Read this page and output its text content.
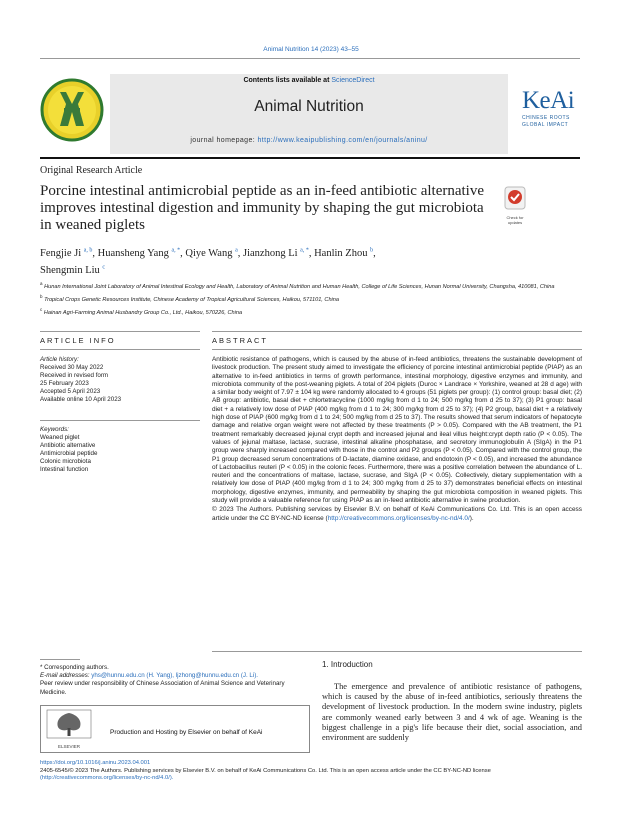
Animal Nutrition 14 (2023) 43–55
Contents lists available at ScienceDirect
Animal Nutrition
journal homepage: http://www.keaipublishing.com/en/journals/aninu/
KeAi
CHINESE ROOTS
GLOBAL IMPACT
Original Research Article
Porcine intestinal antimicrobial peptide as an in-feed antibiotic alternative improves intestinal digestion and immunity by shaping the gut microbiota in weaned piglets	Check for updates
Fengjie Ji $^{a, b}$, Huansheng Yang $^{a, *}$, Qiye Wang $^a$, Jianzhong Li $^{a, *}$, Hanlin Zhou $^b$,
Shengmin Liu $^c$
$^a$ Hunan International Joint Laboratory of Animal Intestinal Ecology and Health, Laboratory of Animal Nutrition and Human Health, College of Life Sciences, Hunan Normal University, Changsha, 410081, China
$^b$ Tropical Crops Genetic Resources Institute, Chinese Academy of Tropical Agricultural Sciences, Haikou, 571101, China
$^c$ Hainan Agri-Farming Animal Husbandry Group Co., Ltd., Haikou, 570226, China
ARTICLE INFO
Article history:
Received 30 May 2022
Received in revised form
25 February 2023
Accepted 5 April 2023
Available online 10 April 2023
Keywords:
Weaned piglet
Antibiotic alternative
Antimicrobial peptide
Colonic microbiota
Intestinal function
ABSTRACT

Antibiotic resistance of pathogens, which is caused by the abuse of in-feed antibiotics, threatens the sustainable development of livestock production. The present study aimed to investigate the efficiency of porcine intestinal antimicrobial peptide (PIAP) as an alternative to in-feed antibiotics in terms of growth performance, intestinal morphology, digestive enzymes and immunity, and microbiota community of the post-weaning piglets. A total of 204 piglets (Duroc × Landrace × Yorkshire, weaned at 28 d age) with a similar body weight of 7.97 ± 104 kg were randomly allocated to 4 groups (51 piglets per group): (1) control group: basal diet; (2) AB group: antibiotic, basal diet + chlortetracycline (1000 mg/kg from d 1 to 24; 500 mg/kg from d 25 to 37); (3) P1 group: basal diet + a relatively low dose of PIAP (400 mg/kg from d 1 to 24; 300 mg/kg from d 25 to 37); (4) P2 group, basal diet + a relatively high dose of PIAP (600 mg/kg from d 1 to 24; 500 mg/kg from d 25 to 37). The results showed that serum indicators of hepatocyte damage and relative organ weight were not affected by these treatments (P > 0.05). Compared with the AB treatment, the P1 treatment remarkably decreased jejunal crypt depth and increased jejunal and ileal villus height:crypt depth ratio (P < 0.05). The values of jejunal maltase, lactase, sucrase, intestinal alkaline phosphatase, and secretory immunoglobulin A (SIgA) in the P1 group were sharply increased compared with those in the control and P2 groups (P < 0.05). Compared with the control group, the P1 group decreased serum concentrations of D-lactate, diamine oxidase, and endotoxin (P < 0.05), and increased the abundance of Lactobacillus reuteri (P < 0.05) in the colonic feces. Furthermore, there was a positive correlation between the abundance of L. reuteri and the concentrations of maltase, lactase, sucrase, and SIgA (P < 0.05). Collectively, dietary supplementation with a relatively low dose of PIAP (400 mg/kg from d 1 to 24; 300 mg/kg from d 25 to 37) demonstrates beneficial effects on intestinal morphology, digestive enzymes, immunity, and permeability by shaping the gut microbiota composition in weaned piglets. This study will provide a valuable reference for using PIAP as an in-feed antibiotic alternative in swine production.

© 2023 The Authors. Publishing services by Elsevier B.V. on behalf of KeAi Communications Co. Ltd. This is an open access article under the CC BY-NC-ND license (http://creativecommons.org/licenses/by-nc-nd/4.0/).

* Corresponding authors.
E-mail addresses: yhs@hunnu.edu.cn (H. Yang), ljzhong@hunnu.edu.cn (J. Li).
Peer review under responsibility of Chinese Association of Animal Science and Veterinary Medicine.
ELSEVIER
Production and Hosting by Elsevier on behalf of KeAi
1. Introduction
The emergence and prevalence of antibiotic resistance of pathogens, which is caused by the abuse of in-feed antibiotics, seriously threatens the development of livestock production. In the modern swine industry, piglets are commonly weaned early between 3 and 4 wk of age. Weaning is the biggest challenge in a pig's life because their diet, social association, and environment are suddenly
https://doi.org/10.1016/j.aninu.2023.04.001
2405-6545/© 2023 The Authors. Publishing services by Elsevier B.V. on behalf of KeAi Communications Co. Ltd. This is an open access article under the CC BY-NC-ND license
(http://creativecommons.org/licenses/by-nc-nd/4.0/).
